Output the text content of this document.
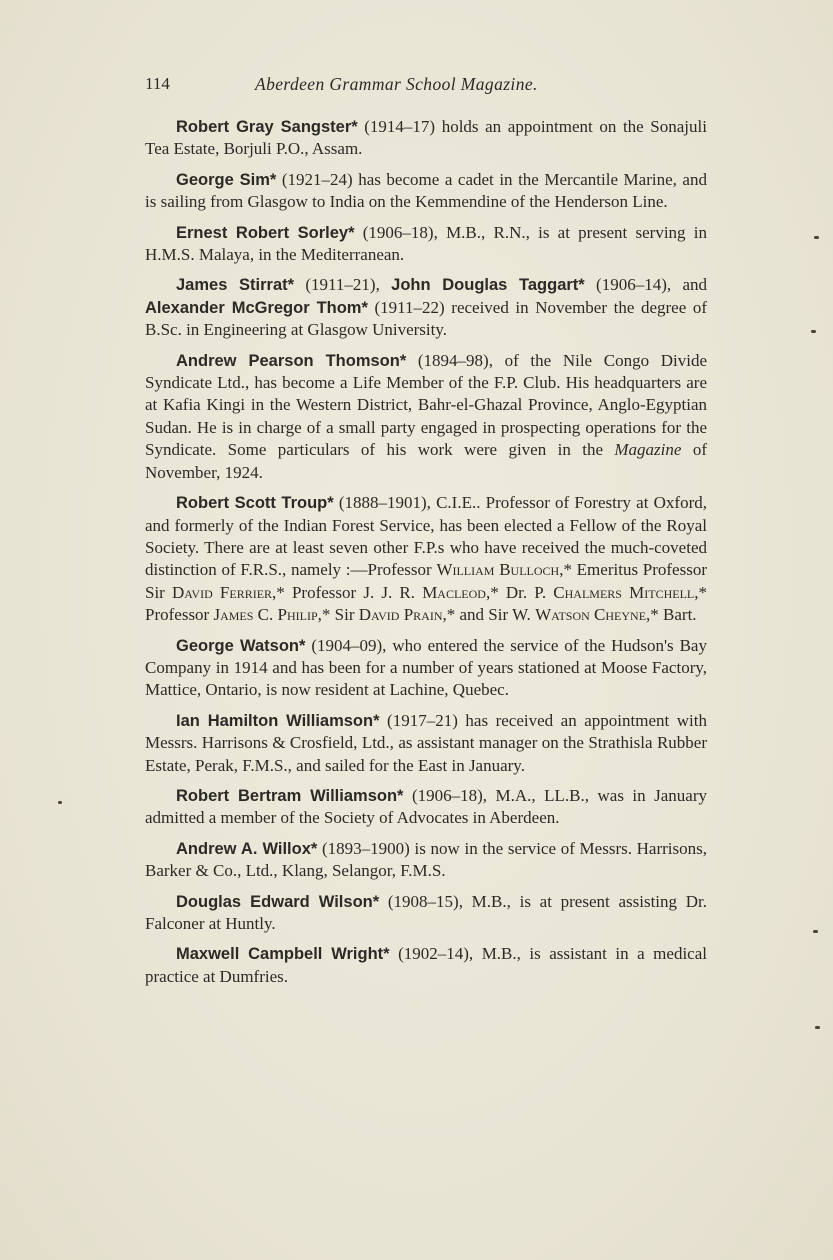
114	Aberdeen Grammar School Magazine.

Robert Gray Sangster* (1914–17) holds an appointment on the Sonajuli Tea Estate, Borjuli P.O., Assam.

George Sim* (1921–24) has become a cadet in the Mercantile Marine, and is sailing from Glasgow to India on the Kemmendine of the Henderson Line.

Ernest Robert Sorley* (1906–18), M.B., R.N., is at present serving in H.M.S. Malaya, in the Mediterranean.

James Stirrat* (1911–21), John Douglas Taggart* (1906–14), and Alexander McGregor Thom* (1911–22) received in November the degree of B.Sc. in Engineering at Glasgow University.

Andrew Pearson Thomson* (1894–98), of the Nile Congo Divide Syndicate Ltd., has become a Life Member of the F.P. Club. His headquarters are at Kafia Kingi in the Western District, Bahr-el-Ghazal Province, Anglo-Egyptian Sudan. He is in charge of a small party engaged in prospecting operations for the Syndicate. Some particulars of his work were given in the Magazine of November, 1924.

Robert Scott Troup* (1888–1901), C.I.E.. Professor of Forestry at Oxford, and formerly of the Indian Forest Service, has been elected a Fellow of the Royal Society. There are at least seven other F.P.s who have received the much-coveted distinction of F.R.S., namely :—Professor William Bulloch,* Emeritus Professor Sir David Ferrier,* Professor J. J. R. Macleod,* Dr. P. Chalmers Mitchell,* Professor James C. Philip,* Sir David Prain,* and Sir W. Watson Cheyne,* Bart.

George Watson* (1904–09), who entered the service of the Hudson's Bay Company in 1914 and has been for a number of years stationed at Moose Factory, Mattice, Ontario, is now resident at Lachine, Quebec.

Ian Hamilton Williamson* (1917–21) has received an appointment with Messrs. Harrisons & Crosfield, Ltd., as assistant manager on the Strathisla Rubber Estate, Perak, F.M.S., and sailed for the East in January.

Robert Bertram Williamson* (1906–18), M.A., LL.B., was in January admitted a member of the Society of Advocates in Aberdeen.

Andrew A. Willox* (1893–1900) is now in the service of Messrs. Harrisons, Barker & Co., Ltd., Klang, Selangor, F.M.S.

Douglas Edward Wilson* (1908–15), M.B., is at present assisting Dr. Falconer at Huntly.

Maxwell Campbell Wright* (1902–14), M.B., is assistant in a medical practice at Dumfries.
